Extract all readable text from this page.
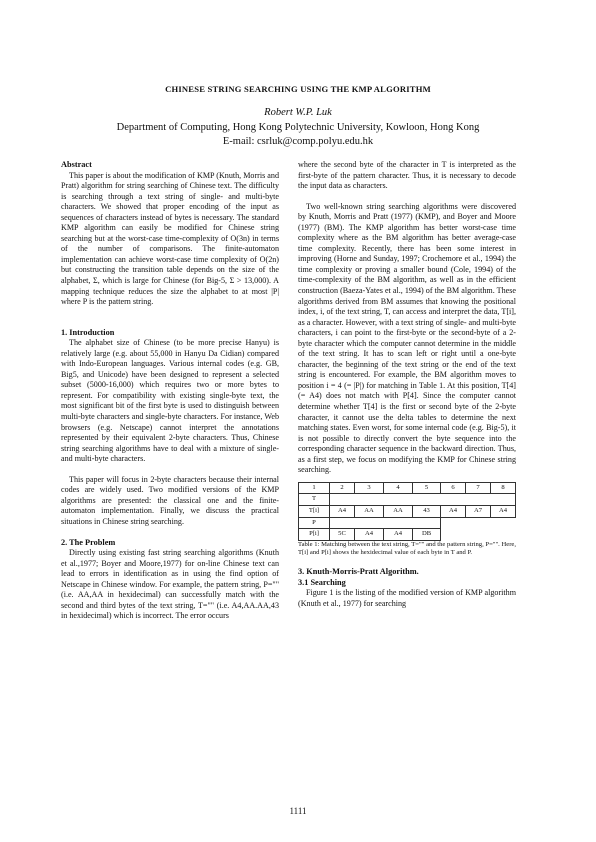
CHINESE STRING SEARCHING USING THE KMP ALGORITHM
Robert W.P. Luk
Department of Computing, Hong Kong Polytechnic University, Kowloon, Hong Kong
E-mail: csrluk@comp.polyu.edu.hk

Abstract

This paper is about the modification of KMP (Knuth, Morris and Pratt) algorithm for string searching of Chinese text. The difficulty is searching through a text string of single- and multi-byte characters. We showed that proper encoding of the input as sequences of characters instead of bytes is necessary. The standard KMP algorithm can easily be modified for Chinese string searching but at the worst-case time-complexity of O(3n) in terms of the number of comparisons. The finite-automaton implementation can achieve worst-case time complexity of O(2n) but constructing the transition table depends on the size of the alphabet, Σ, which is large for Chinese (for Big-5, Σ > 13,000). A mapping technique reduces the size the alphabet to at most |P| where P is the pattern string.

1. Introduction

The alphabet size of Chinese (to be more precise Hanyu) is relatively large (e.g. about 55,000 in Hanyu Da Cidian) compared with Indo-European languages. Various internal codes (e.g. GB, Big5, and Unicode) have been designed to represent a selected subset (5000-16,000) which requires two or more bytes to represent. For compatibility with existing single-byte text, the most significant bit of the first byte is used to distinguish between multi-byte characters and single-byte characters. For instance, Web browsers (e.g. Netscape) cannot interpret the annotations represented by their equivalent 2-byte characters. Thus, Chinese string searching algorithms have to deal with a mixture of single- and multi-byte characters.

This paper will focus in 2-byte characters because their internal codes are widely used. Two modified versions of the KMP algorithms are presented: the classical one and the finite-automaton implementation. Finally, we discuss the practical situations in Chinese string searching.

2. The Problem

Directly using existing fast string searching algorithms (Knuth et al.,1977; Boyer and Moore,1977) for on-line Chinese text can lead to errors in identification as in using the find option of Netscape in Chinese window. For example, the pattern string, P="" (i.e. AA,AA in hexidecimal) can successfully match with the second and third bytes of the text string, T="" (i.e. A4,AA.AA,43 in hexidecimal) which is incorrect. The error occurs

where the second byte of the character in T is interpreted as the first-byte of the pattern character. Thus, it is necessary to decode the input data as characters.

Two well-known string searching algorithms were discovered by Knuth, Morris and Pratt (1977) (KMP), and Boyer and Moore (1977) (BM). The KMP algorithm has better worst-case time complexity where as the BM algorithm has better average-case time complexity. Recently, there has been some interest in improving (Horne and Sunday, 1997; Crochemore et al., 1994) the time complexity or proving a smaller bound (Cole, 1994) of the time-complexity of the BM algorithm, as well as in the efficient construction (Baeza-Yates et al., 1994) of the BM algorithm. These algorithms derived from BM assumes that knowing the positional index, i, of the text string, T, can access and interpret the data, T[i], as a character. However, with a text string of single- and multi-byte characters, i can point to the first-byte or the second-byte of a 2-byte character which the computer cannot determine in the middle of the text string. It has to scan left or right until a one-byte character, the beginning of the text string or the end of the text string is encountered. For example, the BM algorithm moves to position i = 4 (= |P|) for matching in Table 1. At this position, T[4] (= A4) does not match with P[4]. Since the computer cannot determine whether T[4] is the first or second byte of the 2-byte character, it cannot use the delta tables to determine the next matching states. Even worst, for some internal code (e.g. Big-5), it is not possible to directly convert the byte sequence into the corresponding character sequence in the backward direction. Thus, as a first step, we focus on modifying the KMP for Chinese string searching.

1	2	3	4	5	6	7	8
T							
T[i]	A4	AA	AA	43	A4	A7	A4
P							
P[i]	5C	A4	A4	DB			

Table 1: Matching between the text string, T="" and the pattern string, P="". Here, T[i] and P[i] shows the hexidecimal value of each byte in T and P.

3. Knuth-Morris-Pratt Algorithm.

3.1 Searching

Figure 1 is the listing of the modified version of KMP algorithm (Knuth et al., 1977) for searching

1111
